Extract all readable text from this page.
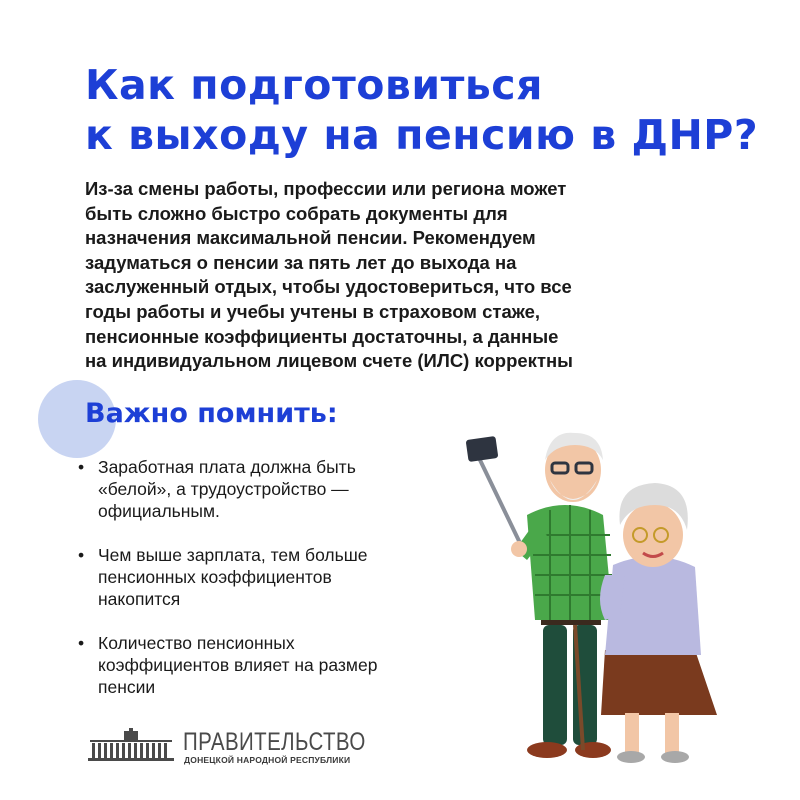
Как подготовиться
к выходу на пенсию в ДНР?
Из-за смены работы, профессии или региона может
быть сложно быстро собрать документы для
назначения максимальной пенсии. Рекомендуем
задуматься о пенсии за пять лет до выхода на
заслуженный отдых, чтобы удостовериться, что все
годы работы и учебы учтены в страховом стаже,
пенсионные коэффициенты достаточны, а данные
на индивидуальном лицевом счете (ИЛС) корректны
Важно помнить:
• Заработная плата должна быть
«белой», а трудоустройство —
официальным.
• Чем выше зарплата, тем больше
пенсионных коэффициентов
накопится
• Количество пенсионных
коэффициентов влияет на размер
пенсии
ПРАВИТЕЛЬСТВО
ДОНЕЦКОЙ НАРОДНОЙ РЕСПУБЛИКИ
